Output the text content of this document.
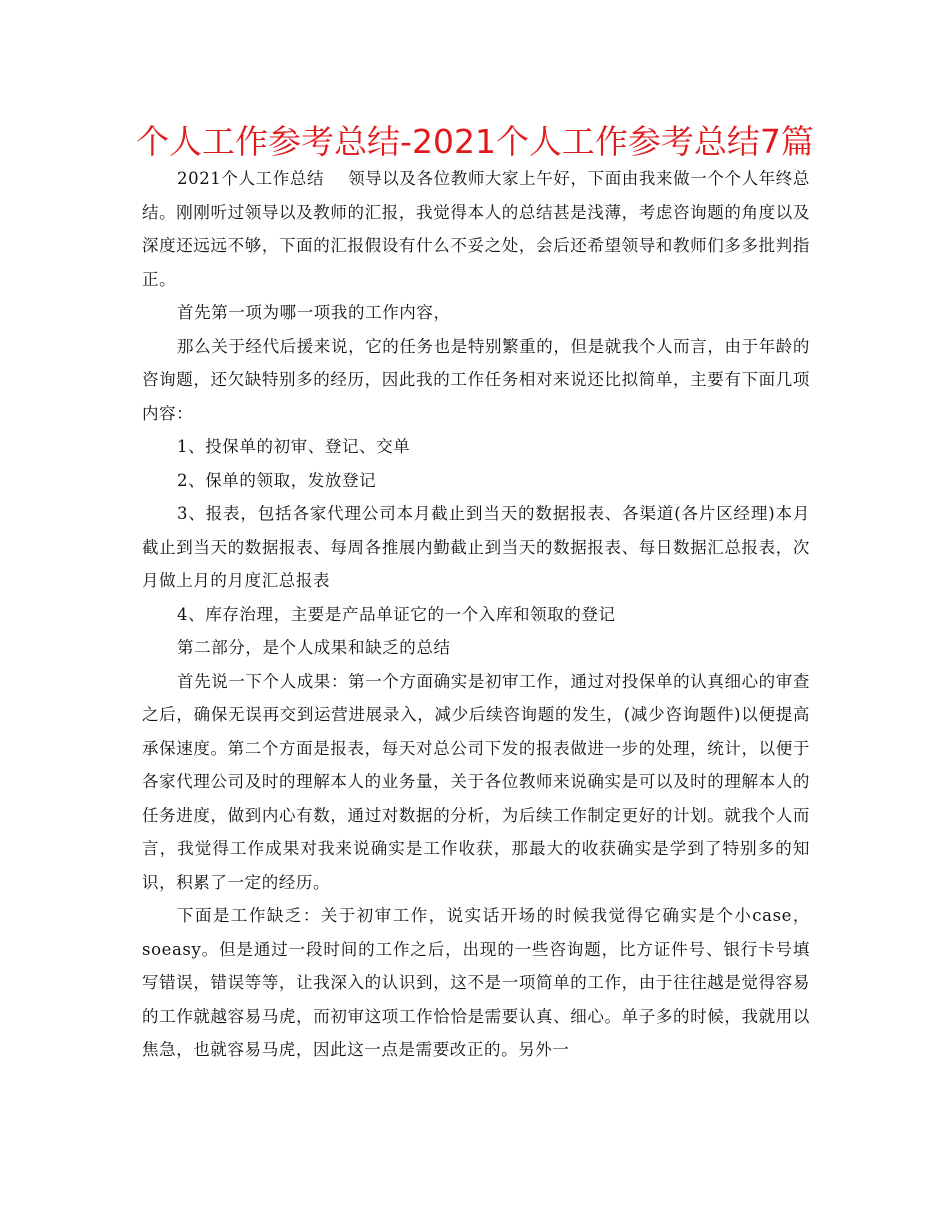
个人工作参考总结-2021个人工作参考总结7篇

2021个人工作总结 领导以及各位教师大家上午好，下面由我来做一个个人年终总结。刚刚听过领导以及教师的汇报，我觉得本人的总结甚是浅薄，考虑咨询题的角度以及深度还远远不够，下面的汇报假设有什么不妥之处，会后还希望领导和教师们多多批判指正。

首先第一项为哪一项我的工作内容，

那么关于经代后援来说，它的任务也是特别繁重的，但是就我个人而言，由于年龄的咨询题，还欠缺特别多的经历，因此我的工作任务相对来说还比拟简单，主要有下面几项内容：

1、投保单的初审、登记、交单

2、保单的领取，发放登记

3、报表，包括各家代理公司本月截止到当天的数据报表、各渠道(各片区经理)本月截止到当天的数据报表、每周各推展内勤截止到当天的数据报表、每日数据汇总报表，次月做上月的月度汇总报表

4、库存治理，主要是产品单证它的一个入库和领取的登记

第二部分，是个人成果和缺乏的总结

首先说一下个人成果：第一个方面确实是初审工作，通过对投保单的认真细心的审查之后，确保无误再交到运营进展录入，减少后续咨询题的发生，(减少咨询题件)以便提高承保速度。第二个方面是报表，每天对总公司下发的报表做进一步的处理，统计，以便于各家代理公司及时的理解本人的业务量，关于各位教师来说确实是可以及时的理解本人的任务进度，做到内心有数，通过对数据的分析，为后续工作制定更好的计划。就我个人而言，我觉得工作成果对我来说确实是工作收获，那最大的收获确实是学到了特别多的知识，积累了一定的经历。

下面是工作缺乏：关于初审工作，说实话开场的时候我觉得它确实是个小case，soeasy。但是通过一段时间的工作之后，出现的一些咨询题，比方证件号、银行卡号填写错误，错误等等，让我深入的认识到，这不是一项简单的工作，由于往往越是觉得容易的工作就越容易马虎，而初审这项工作恰恰是需要认真、细心。单子多的时候，我就用以焦急，也就容易马虎，因此这一点是需要改正的。另外一
